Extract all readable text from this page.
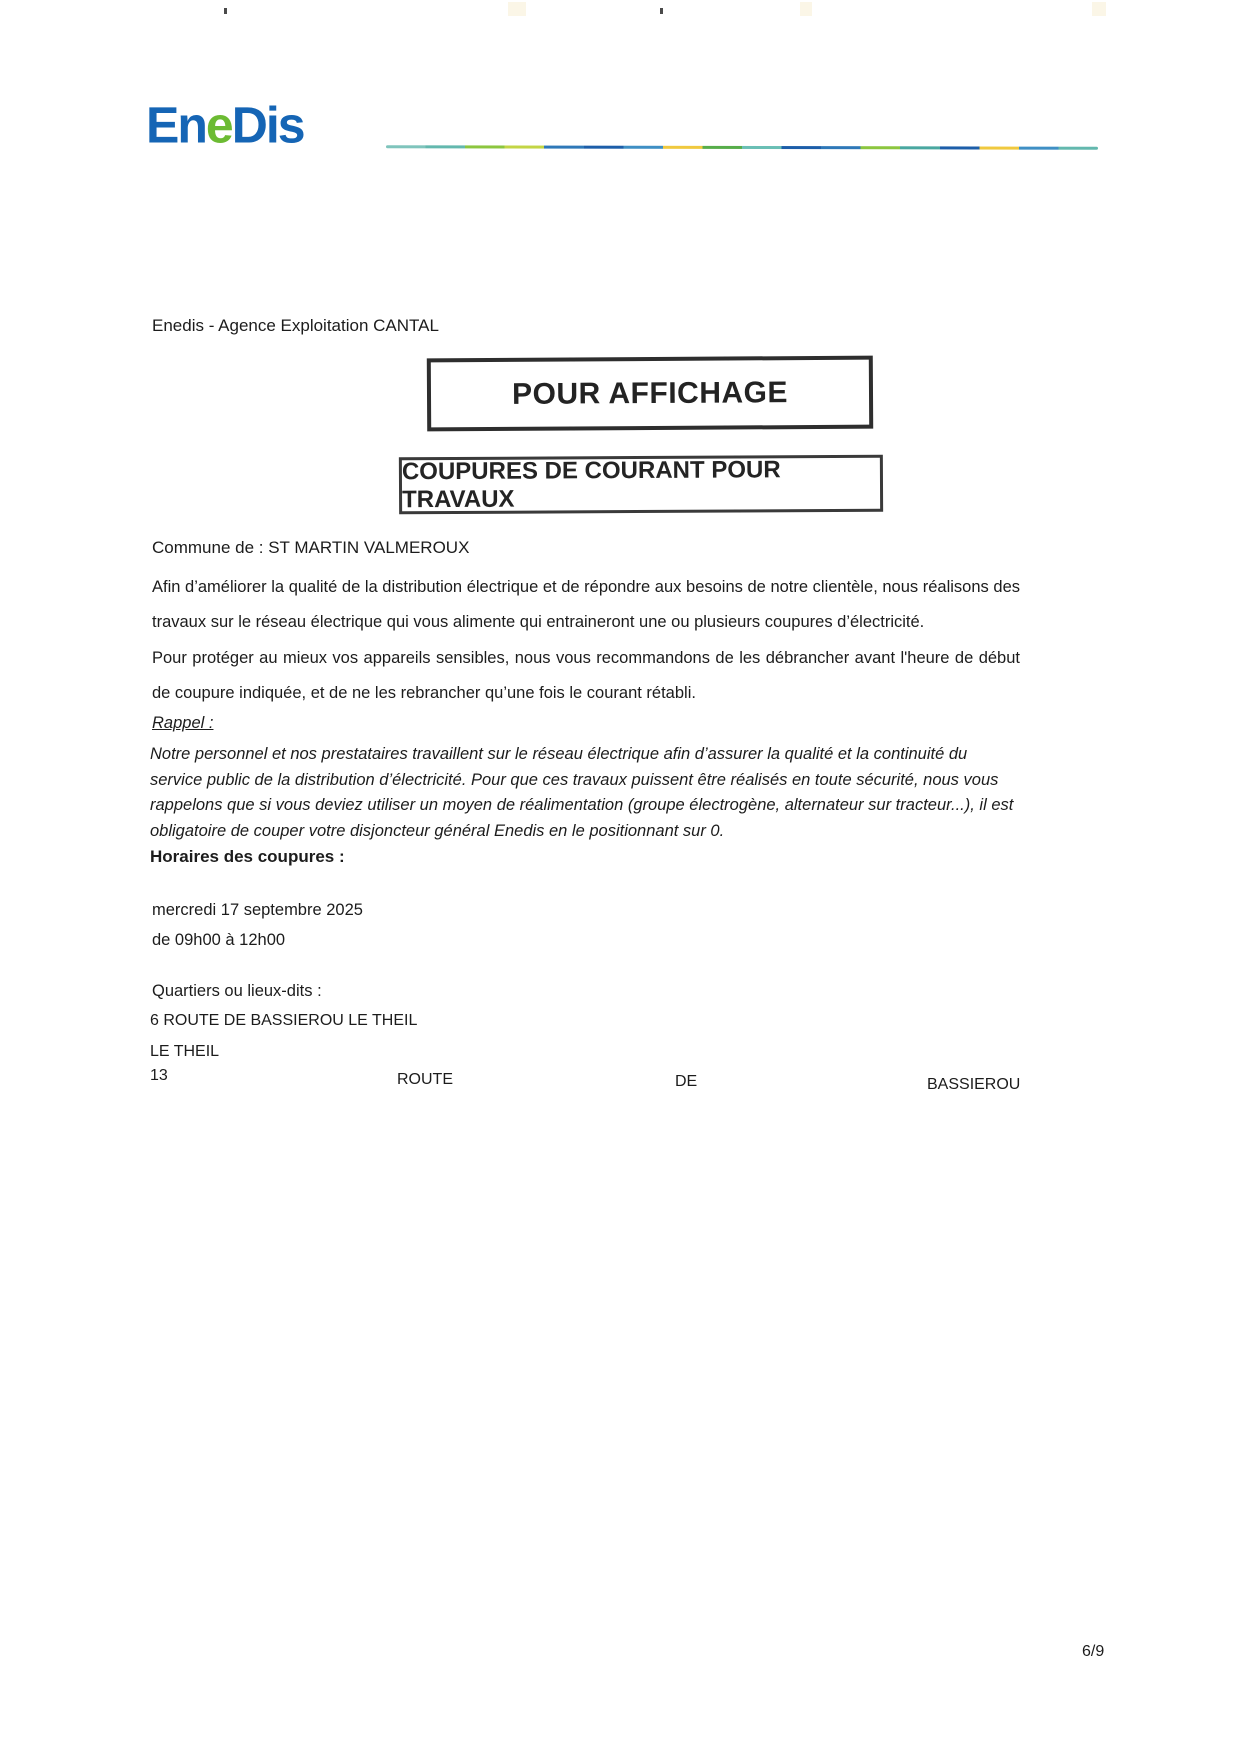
EneDis
Enedis - Agence Exploitation CANTAL
POUR AFFICHAGE
COUPURES DE COURANT POUR TRAVAUX
Commune de : ST MARTIN VALMEROUX
Afin d’améliorer la qualité de la distribution électrique et de répondre aux besoins de notre clientèle, nous réalisons des travaux sur le réseau électrique qui vous alimente qui entraineront une ou plusieurs coupures d’électricité.
Pour protéger au mieux vos appareils sensibles, nous vous recommandons de les débrancher avant l'heure de début de coupure indiquée, et de ne les rebrancher qu’une fois le courant rétabli.
Rappel :
Notre personnel et nos prestataires travaillent sur le réseau électrique afin d’assurer la qualité et la continuité du service public de la distribution d’électricité. Pour que ces travaux puissent être réalisés en toute sécurité, nous vous rappelons que si vous deviez utiliser un moyen de réalimentation (groupe électrogène, alternateur sur tracteur...), il est obligatoire de couper votre disjoncteur général Enedis en le positionnant sur 0.
Horaires des coupures :
mercredi 17 septembre 2025
de 09h00 à 12h00
Quartiers ou lieux-dits :
6 ROUTE DE BASSIEROU LE THEIL
LE THEIL
13	ROUTE	DE	BASSIEROU
6/9
